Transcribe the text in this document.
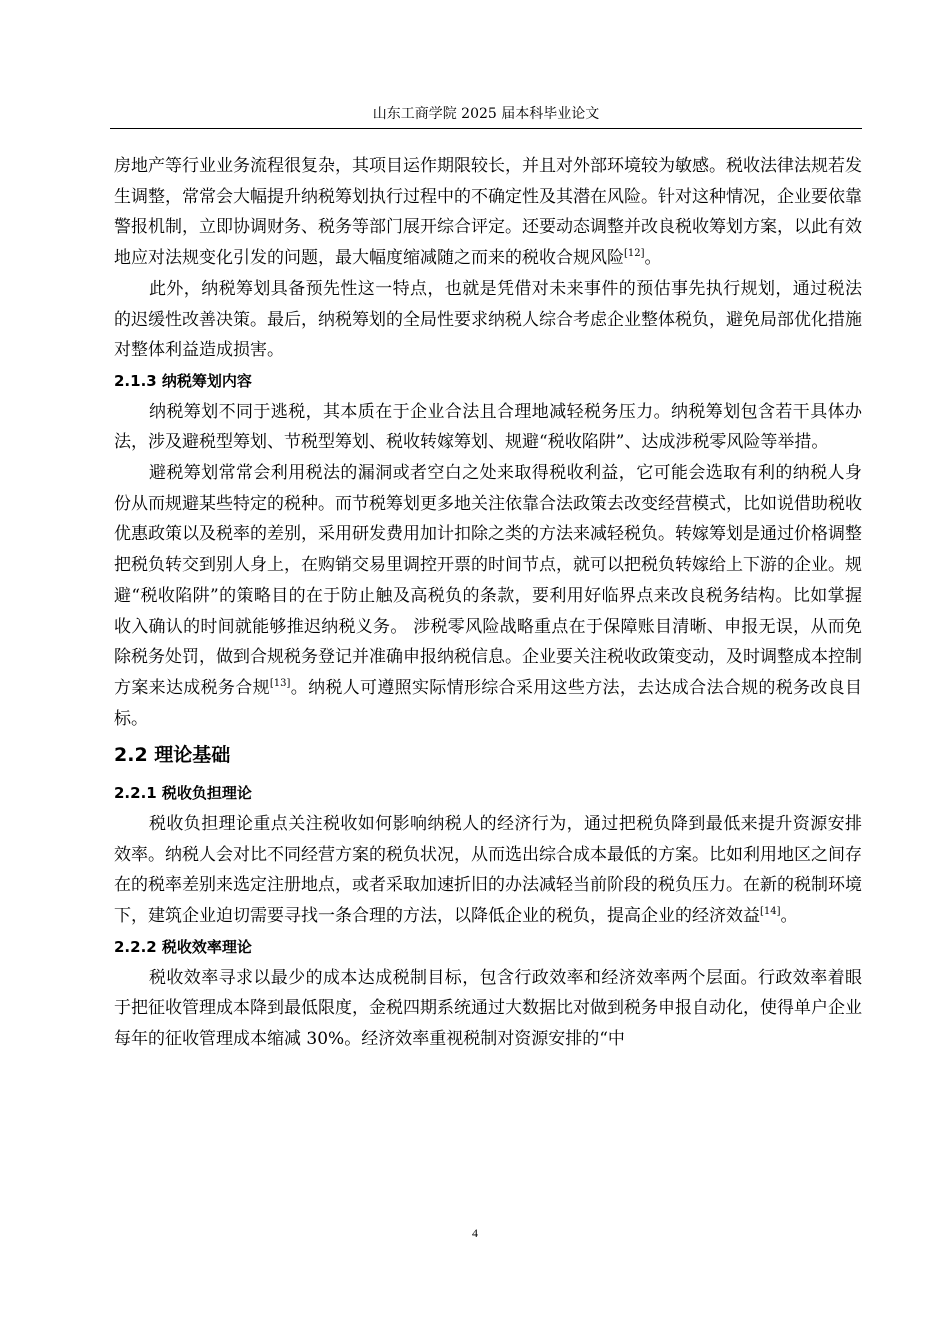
山东工商学院 2025 届本科毕业论文

房地产等行业业务流程很复杂，其项目运作期限较长，并且对外部环境较为敏感。税收法律法规若发生调整，常常会大幅提升纳税筹划执行过程中的不确定性及其潜在风险。针对这种情况，企业要依靠警报机制，立即协调财务、税务等部门展开综合评定。还要动态调整并改良税收筹划方案，以此有效地应对法规变化引发的问题，最大幅度缩减随之而来的税收合规风险[12]。

此外，纳税筹划具备预先性这一特点，也就是凭借对未来事件的预估事先执行规划，通过税法的迟缓性改善决策。最后，纳税筹划的全局性要求纳税人综合考虑企业整体税负，避免局部优化措施对整体利益造成损害。

2.1.3 纳税筹划内容

纳税筹划不同于逃税，其本质在于企业合法且合理地减轻税务压力。纳税筹划包含若干具体办法，涉及避税型筹划、节税型筹划、税收转嫁筹划、规避“税收陷阱”、达成涉税零风险等举措。

避税筹划常常会利用税法的漏洞或者空白之处来取得税收利益，它可能会选取有利的纳税人身份从而规避某些特定的税种。而节税筹划更多地关注依靠合法政策去改变经营模式，比如说借助税收优惠政策以及税率的差别，采用研发费用加计扣除之类的方法来减轻税负。转嫁筹划是通过价格调整把税负转交到别人身上，在购销交易里调控开票的时间节点，就可以把税负转嫁给上下游的企业。规避“税收陷阱”的策略目的在于防止触及高税负的条款，要利用好临界点来改良税务结构。比如掌握收入确认的时间就能够推迟纳税义务。 涉税零风险战略重点在于保障账目清晰、申报无误，从而免除税务处罚，做到合规税务登记并准确申报纳税信息。企业要关注税收政策变动，及时调整成本控制方案来达成税务合规[13]。纳税人可遵照实际情形综合采用这些方法，去达成合法合规的税务改良目标。

2.2 理论基础
2.2.1 税收负担理论

税收负担理论重点关注税收如何影响纳税人的经济行为，通过把税负降到最低来提升资源安排效率。纳税人会对比不同经营方案的税负状况，从而选出综合成本最低的方案。比如利用地区之间存在的税率差别来选定注册地点，或者采取加速折旧的办法减轻当前阶段的税负压力。在新的税制环境下，建筑企业迫切需要寻找一条合理的方法，以降低企业的税负，提高企业的经济效益[14]。

2.2.2 税收效率理论

税收效率寻求以最少的成本达成税制目标，包含行政效率和经济效率两个层面。行政效率着眼于把征收管理成本降到最低限度，金税四期系统通过大数据比对做到税务申报自动化，使得单户企业每年的征收管理成本缩减 30%。经济效率重视税制对资源安排的“中

4
